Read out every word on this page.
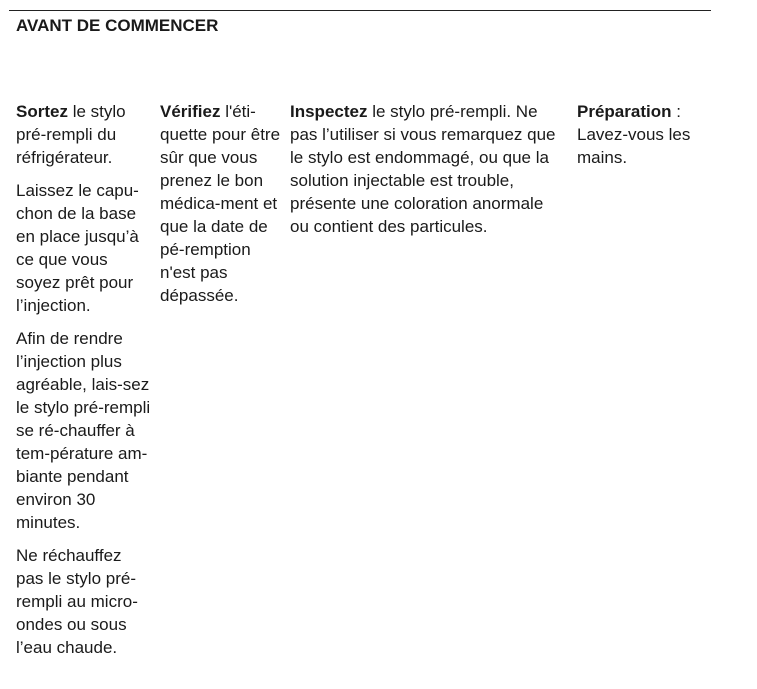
AVANT DE COMMENCER

Sortez le stylo pré-rempli du réfrigérateur.

Laissez le capu-chon de la base en place jusqu’à ce que vous soyez prêt pour l’injection.

Afin de rendre l’injection plus agréable, lais-sez le stylo pré-rempli se ré-chauffer à tem-pérature am-biante pendant environ 30 minutes.

Ne réchauffez pas le stylo pré-rempli au micro-ondes ou sous l’eau chaude.

Vérifiez l'éti-quette pour être sûr que vous prenez le bon médica-ment et que la date de pé-remption n'est pas dépassée.

Inspectez le stylo pré-rempli. Ne pas l’utiliser si vous remarquez que le stylo est endommagé, ou que la solution injectable est trouble, présente une coloration anormale ou contient des particules.

Préparation : Lavez-vous les mains.
